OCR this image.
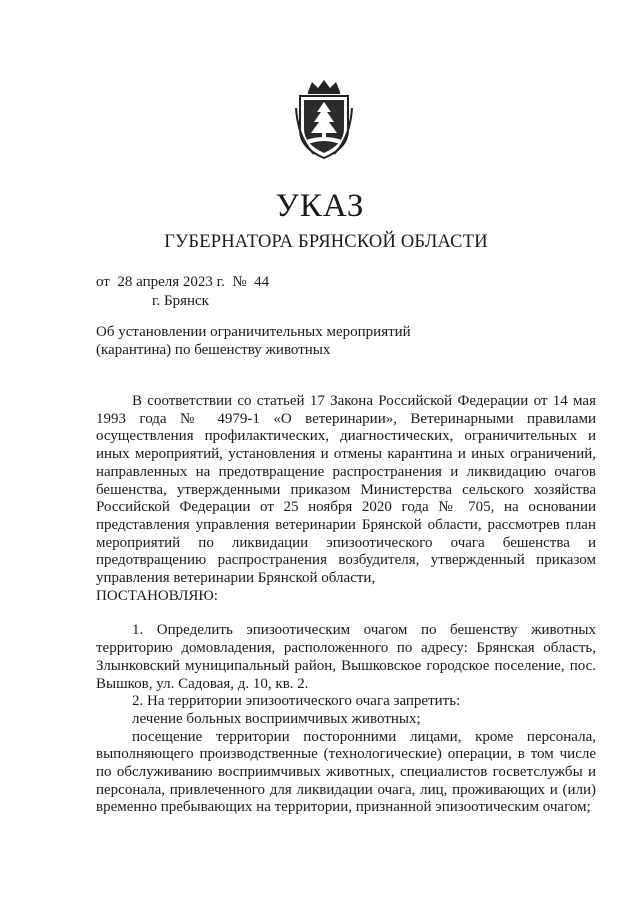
УКАЗ
ГУБЕРНАТОРА БРЯНСКОЙ ОБЛАСТИ
от 28 апреля 2023 г. № 44
г. Брянск
Об установлении ограничительных мероприятий
(карантина) по бешенству животных

В соответствии со статьей 17 Закона Российской Федерации от 14 мая 1993 года № 4979-1 «О ветеринарии», Ветеринарными правилами осуществления профилактических, диагностических, ограничительных и иных мероприятий, установления и отмены карантина и иных ограничений, направленных на предотвращение распространения и ликвидацию очагов бешенства, утвержденными приказом Министерства сельского хозяйства Российской Федерации от 25 ноября 2020 года № 705, на основании представления управления ветеринарии Брянской области, рассмотрев план мероприятий по ликвидации эпизоотического очага бешенства и предотвращению распространения возбудителя, утвержденный приказом управления ветеринарии Брянской области,

ПОСТАНОВЛЯЮ:

1. Определить эпизоотическим очагом по бешенству животных территорию домовладения, расположенного по адресу: Брянская область, Злынковский муниципальный район, Вышковское городское поселение, пос. Вышков, ул. Садовая, д. 10, кв. 2.

2. На территории эпизоотического очага запретить:

лечение больных восприимчивых животных;

посещение территории посторонними лицами, кроме персонала, выполняющего производственные (технологические) операции, в том числе по обслуживанию восприимчивых животных, специалистов госветслужбы и персонала, привлеченного для ликвидации очага, лиц, проживающих и (или) временно пребывающих на территории, признанной эпизоотическим очагом;
